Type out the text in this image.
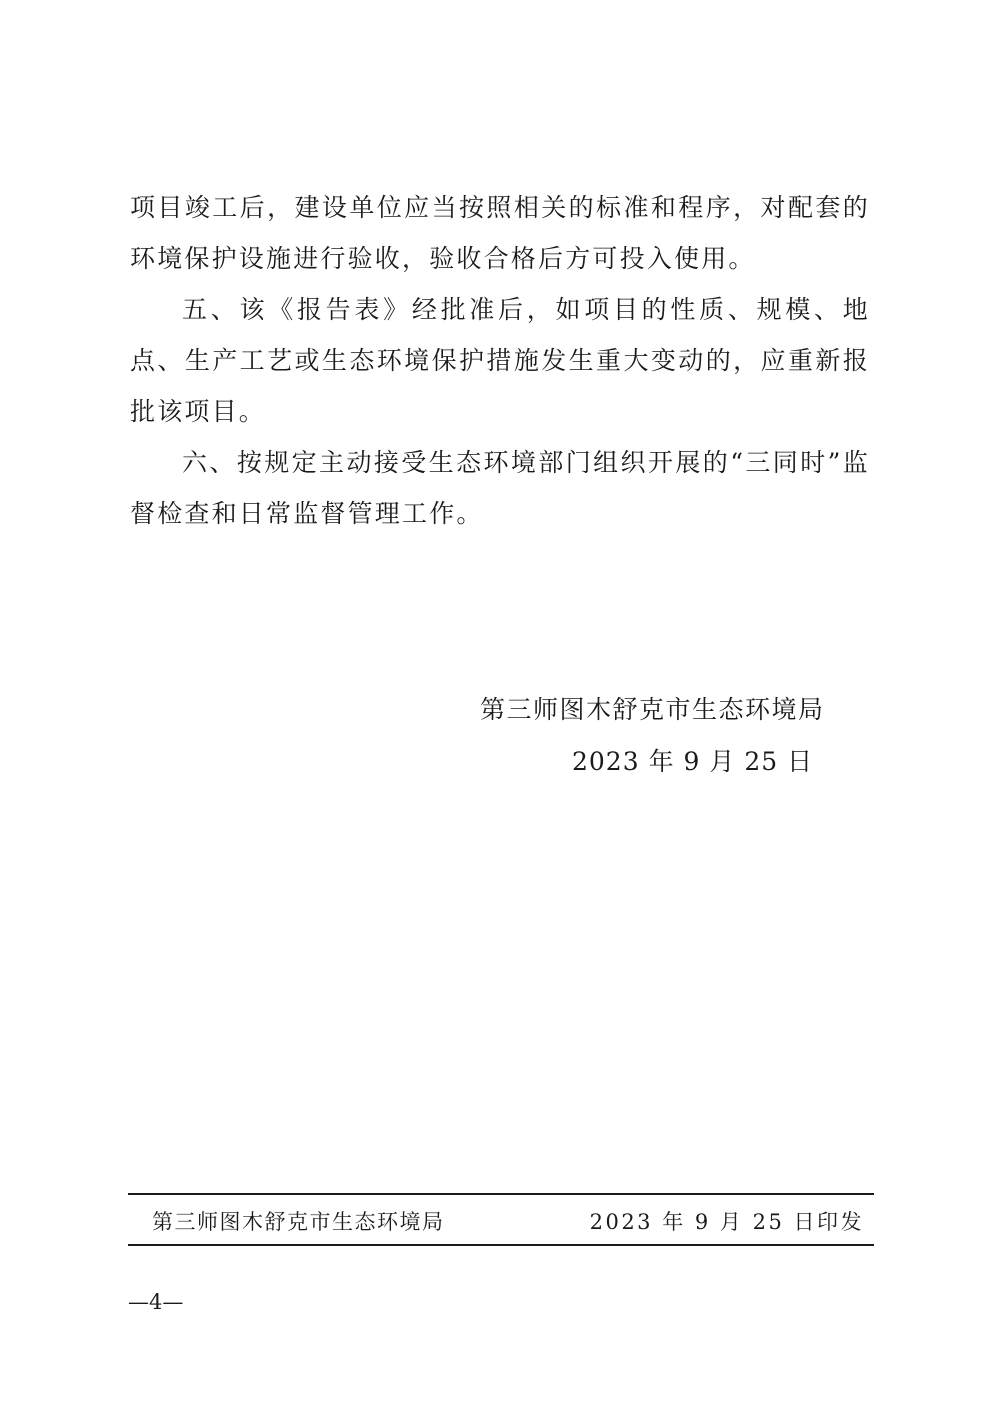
项目竣工后，建设单位应当按照相关的标准和程序，对配套的环境保护设施进行验收，验收合格后方可投入使用。

五、该《报告表》经批准后，如项目的性质、规模、地点、生产工艺或生态环境保护措施发生重大变动的，应重新报批该项目。

六、按规定主动接受生态环境部门组织开展的“三同时”监督检查和日常监督管理工作。

第三师图木舒克市生态环境局
2023 年 9 月 25 日
第三师图木舒克市生态环境局	2023 年 9 月 25 日印发
—4—
